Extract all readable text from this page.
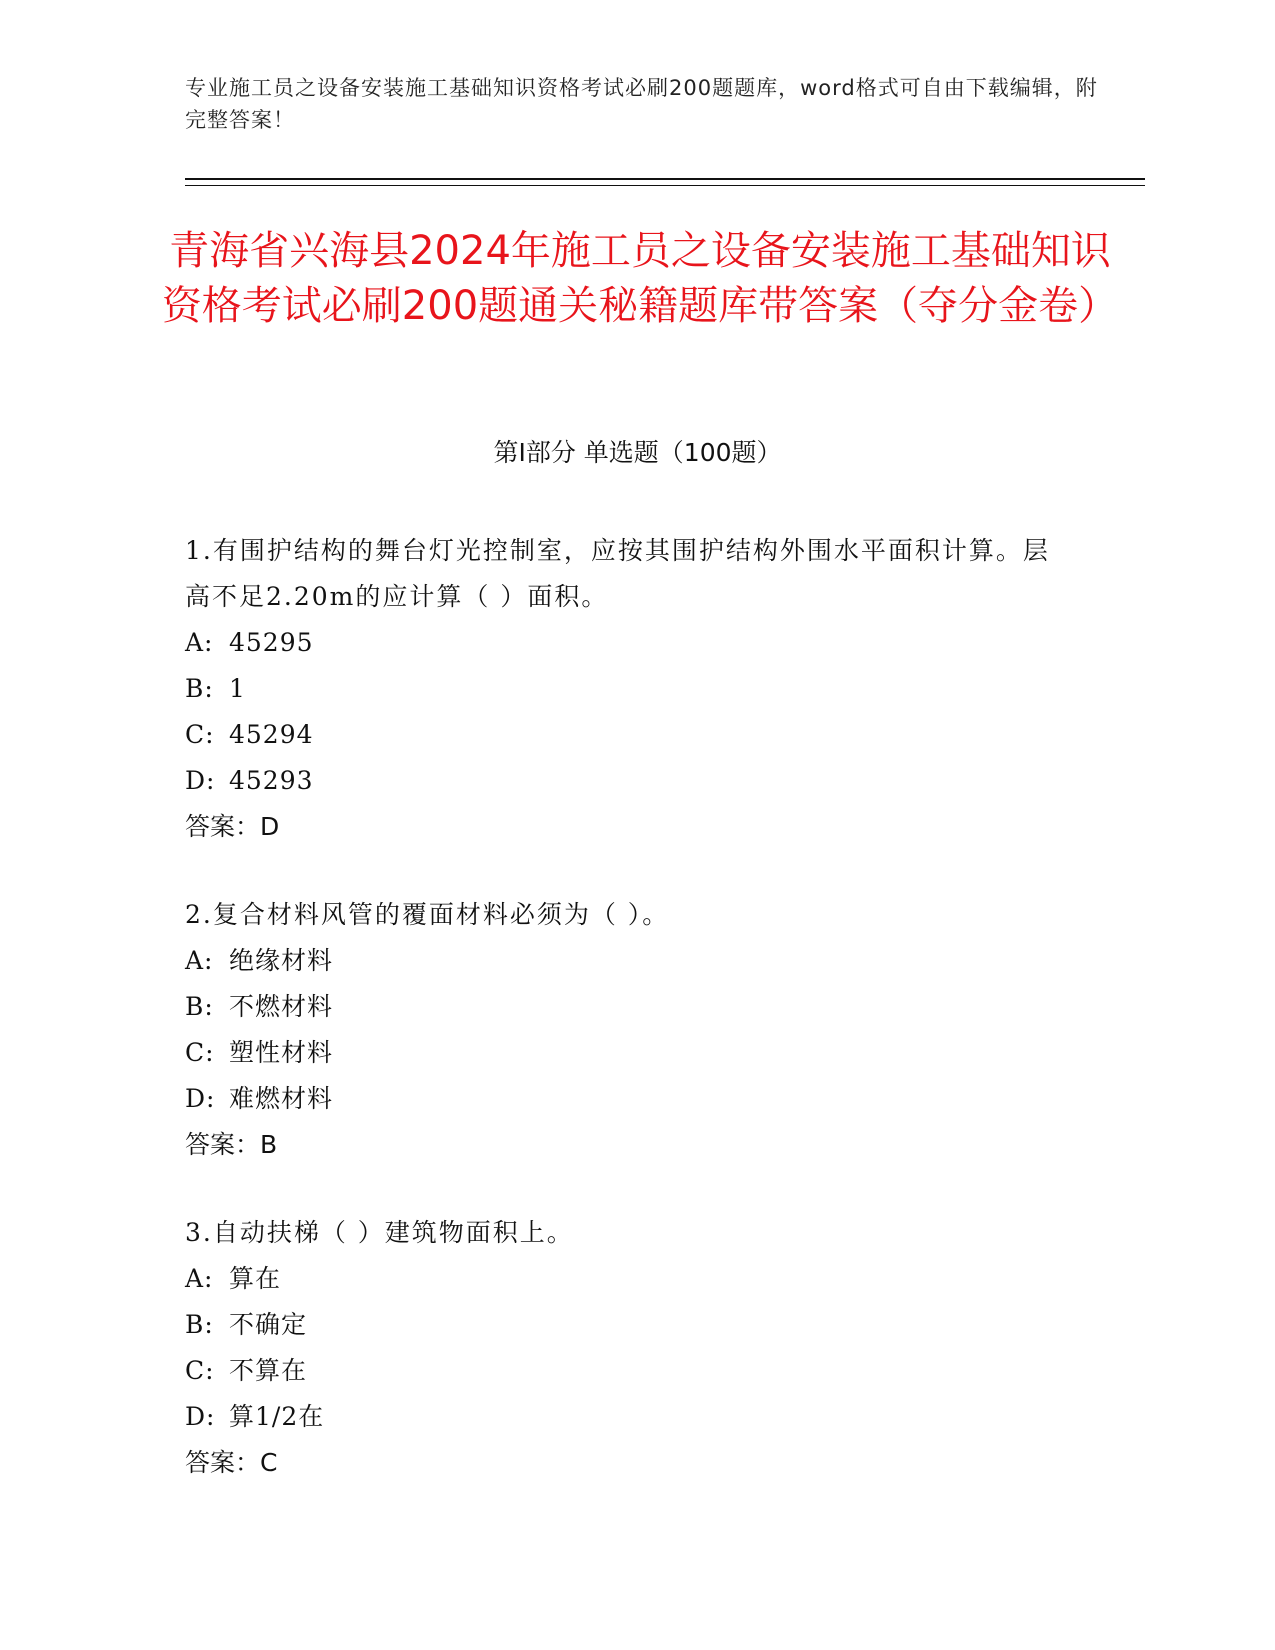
专业施工员之设备安装施工基础知识资格考试必刷200题题库，word格式可自由下载编辑，附完整答案！
青海省兴海县2024年施工员之设备安装施工基础知识资格考试必刷200题通关秘籍题库带答案（夺分金卷）
第Ⅰ部分 单选题（100题）
1.有围护结构的舞台灯光控制室，应按其围护结构外围水平面积计算。层高不足2.20m的应计算（ ）面积。
A: 45295
B: 1
C: 45294
D: 45293
答案：D
2.复合材料风管的覆面材料必须为（ ）。
A: 绝缘材料
B: 不燃材料
C: 塑性材料
D: 难燃材料
答案：B
3.自动扶梯（ ）建筑物面积上。
A: 算在
B: 不确定
C: 不算在
D: 算1/2在
答案：C
